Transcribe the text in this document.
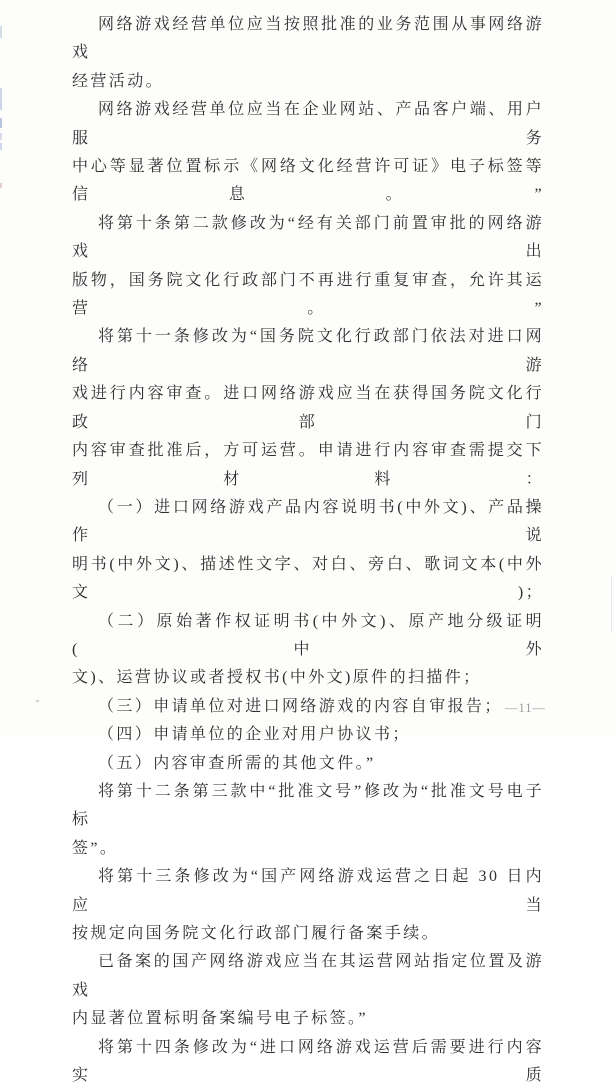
网络游戏经营单位应当按照批准的业务范围从事网络游戏
经营活动。
网络游戏经营单位应当在企业网站、产品客户端、用户服务
中心等显著位置标示《网络文化经营许可证》电子标签等信息。”
将第十条第二款修改为“经有关部门前置审批的网络游戏出
版物，国务院文化行政部门不再进行重复审查，允许其运营。”
将第十一条修改为“国务院文化行政部门依法对进口网络游
戏进行内容审查。进口网络游戏应当在获得国务院文化行政部门
内容审查批准后，方可运营。申请进行内容审查需提交下列材料：
（一）进口网络游戏产品内容说明书(中外文)、产品操作说
明书(中外文)、描述性文字、对白、旁白、歌词文本(中外文)；
（二）原始著作权证明书(中外文)、原产地分级证明(中外
文)、运营协议或者授权书(中外文)原件的扫描件；
（三）申请单位对进口网络游戏的内容自审报告；
（四）申请单位的企业对用户协议书；
（五）内容审查所需的其他文件。”
将第十二条第三款中“批准文号”修改为“批准文号电子标
签”。
将第十三条修改为“国产网络游戏运营之日起 30 日内应当
按规定向国务院文化行政部门履行备案手续。
已备案的国产网络游戏应当在其运营网站指定位置及游戏
内显著位置标明备案编号电子标签。”
将第十四条修改为“进口网络游戏运营后需要进行内容实质
—11—
